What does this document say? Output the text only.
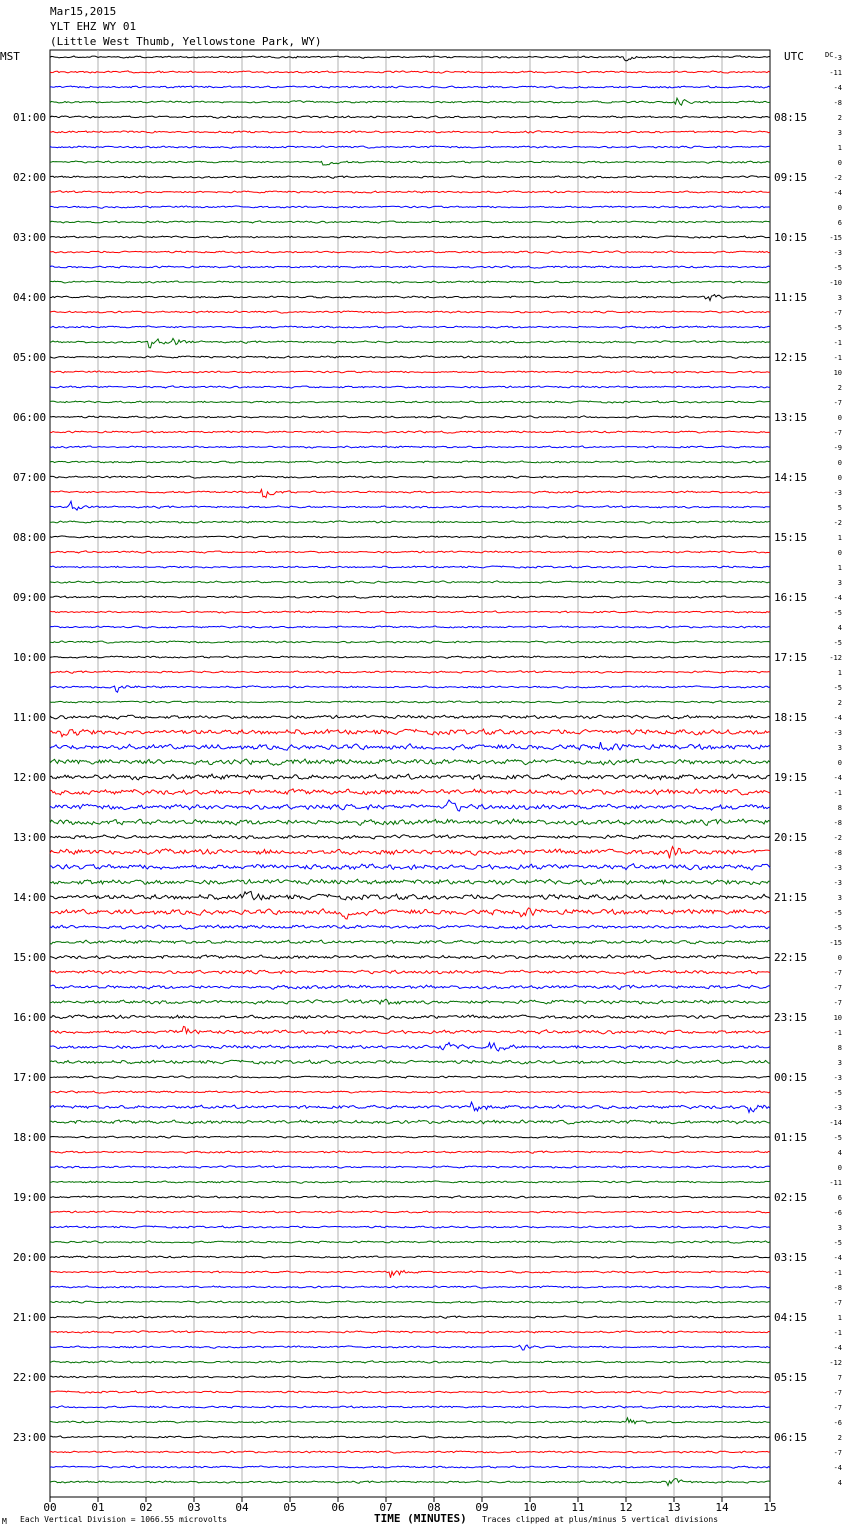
Mar15,2015
YLT EHZ WY 01
(Little West Thumb, Yellowstone Park, WY)
MST	UTC
00	01	02	03	04	05	06	07	08	09	10	11	12	13	14	15
-3
-11
-4
-8
2
3
1
0
-2
-4
0
6
-15
-3
-5
-10
3
-7
-5
-1
-1
10
2
-7
0
-7
-9
0
0
-3
5
-2
1
0
1
3
-4
-5
4
-5
-12
1
-5
2
-4
-3
3
0
-4
-1
8
-8
-2
-8
-3
-3
3
-5
-5
-15
0
-7
-7
-7
10
-1
8
3
-3
-5
-3
-14
-5
4
0
-11
6
-6
3
-5
-4
-1
-8
-7
1
-1
-4
-12
7
-7
-7
-6
2
-7
-4
4
DC
01:00
02:00
03:00
04:00
05:00
06:00
07:00
08:00
09:00
10:00
11:00
12:00
13:00
14:00
15:00
16:00
17:00
18:00
19:00
20:00
21:00
22:00
23:00
08:15
09:15
10:15
11:15
12:15
13:15
14:15
15:15
16:15
17:15
18:15
19:15
20:15
21:15
22:15
23:15
00:15
01:15
02:15
03:15
04:15
05:15
06:15
M Each Vertical Division = 1066.55 microvolts	TIME (MINUTES) Traces clipped at plus/minus 5 vertical divisions
